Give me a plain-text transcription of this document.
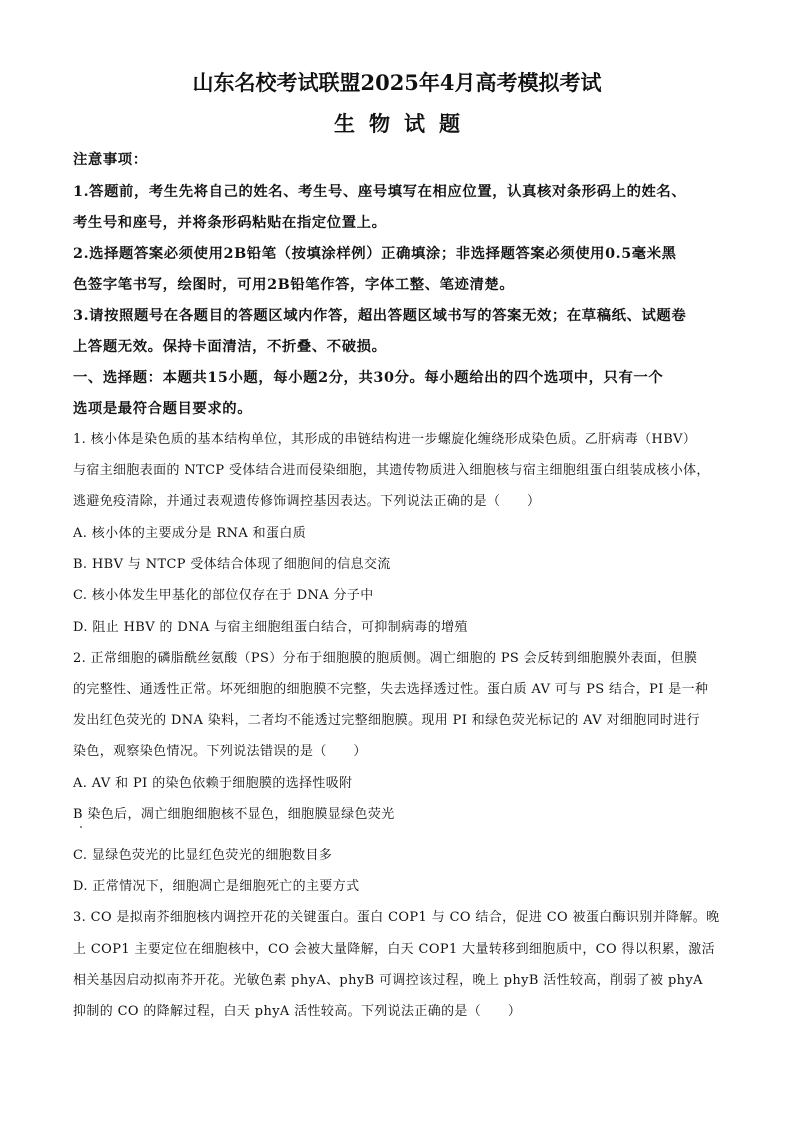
山东名校考试联盟2025年4月高考模拟考试
生物试题
注意事项：
1.答题前，考生先将自己的姓名、考生号、座号填写在相应位置，认真核对条形码上的姓名、
考生号和座号，并将条形码粘贴在指定位置上。
2.选择题答案必须使用2B铅笔（按填涂样例）正确填涂；非选择题答案必须使用0.5毫米黑
色签字笔书写，绘图时，可用2B铅笔作答，字体工整、笔迹清楚。
3.请按照题号在各题目的答题区域内作答，超出答题区域书写的答案无效；在草稿纸、试题卷
上答题无效。保持卡面清洁，不折叠、不破损。
一、选择题：本题共15小题，每小题2分，共30分。每小题给出的四个选项中，只有一个
选项是最符合题目要求的。
1. 核小体是染色质的基本结构单位，其形成的串链结构进一步螺旋化缠绕形成染色质。乙肝病毒（HBV）
与宿主细胞表面的 NTCP 受体结合进而侵染细胞，其遗传物质进入细胞核与宿主细胞组蛋白组装成核小体，
逃避免疫清除，并通过表观遗传修饰调控基因表达。下列说法正确的是（　　）
A. 核小体的主要成分是 RNA 和蛋白质
B. HBV 与 NTCP 受体结合体现了细胞间的信息交流
C. 核小体发生甲基化的部位仅存在于 DNA 分子中
D. 阻止 HBV 的 DNA 与宿主细胞组蛋白结合，可抑制病毒的增殖
2. 正常细胞的磷脂酰丝氨酸（PS）分布于细胞膜的胞质侧。凋亡细胞的 PS 会反转到细胞膜外表面，但膜
的完整性、通透性正常。坏死细胞的细胞膜不完整，失去选择透过性。蛋白质 AV 可与 PS 结合，PI 是一种
发出红色荧光的 DNA 染料，二者均不能透过完整细胞膜。现用 PI 和绿色荧光标记的 AV 对细胞同时进行
染色，观察染色情况。下列说法错误的是（　　）
A. AV 和 PI 的染色依赖于细胞膜的选择性吸附
B 染色后，凋亡细胞细胞核不显色，细胞膜显绿色荧光
C. 显绿色荧光的比显红色荧光的细胞数目多
D. 正常情况下，细胞凋亡是细胞死亡的主要方式
3. CO 是拟南芥细胞核内调控开花的关键蛋白。蛋白 COP1 与 CO 结合，促进 CO 被蛋白酶识别并降解。晚
上 COP1 主要定位在细胞核中，CO 会被大量降解，白天 COP1 大量转移到细胞质中，CO 得以积累，激活
相关基因启动拟南芥开花。光敏色素 phyA、phyB 可调控该过程，晚上 phyB 活性较高，削弱了被 phyA
抑制的 CO 的降解过程，白天 phyA 活性较高。下列说法正确的是（　　）
